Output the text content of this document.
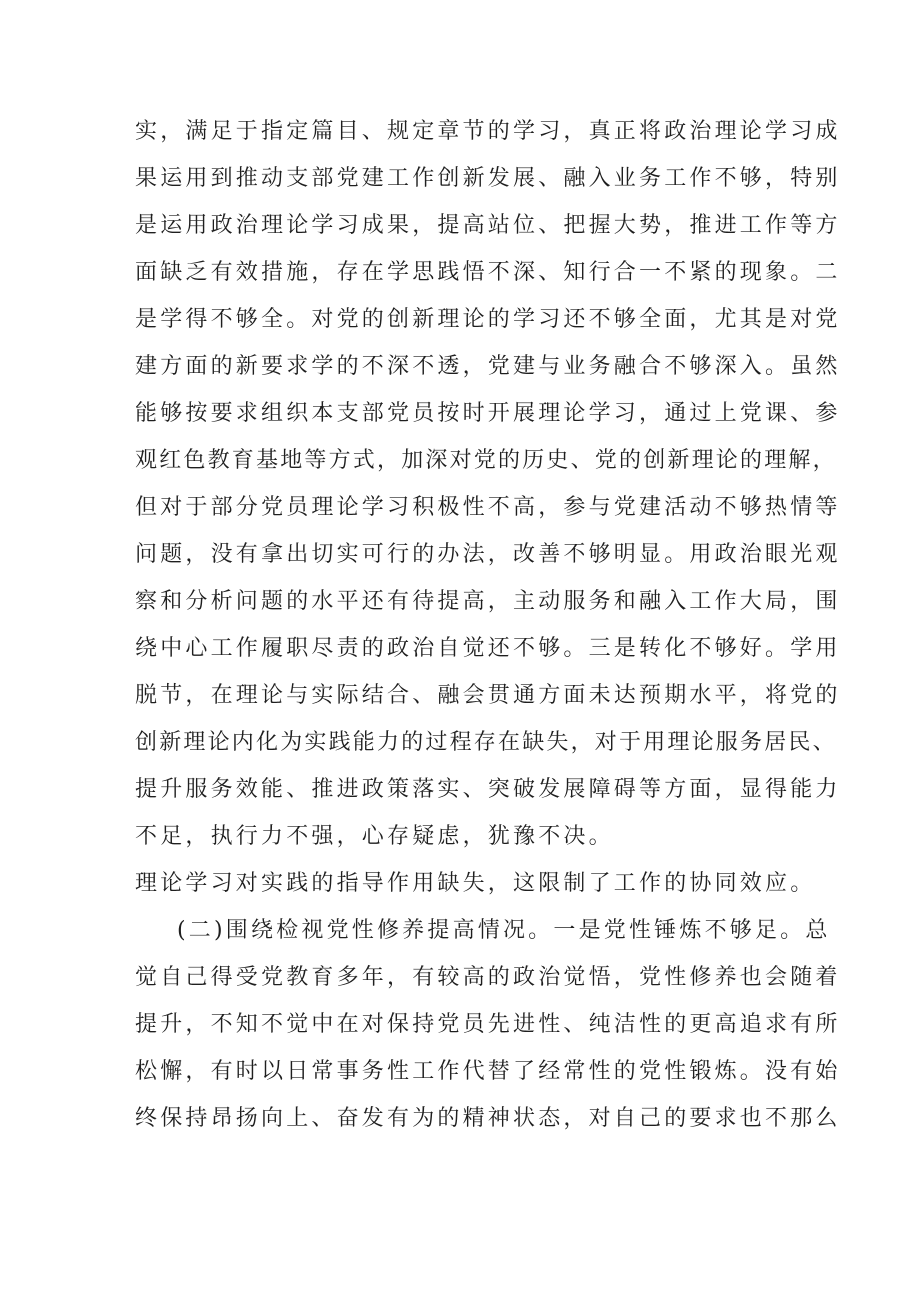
实，满足于指定篇目、规定章节的学习，真正将政治理论学习成
果运用到推动支部党建工作创新发展、融入业务工作不够，特别
是运用政治理论学习成果，提高站位、把握大势，推进工作等方
面缺乏有效措施，存在学思践悟不深、知行合一不紧的现象。二
是学得不够全。对党的创新理论的学习还不够全面，尤其是对党
建方面的新要求学的不深不透，党建与业务融合不够深入。虽然
能够按要求组织本支部党员按时开展理论学习，通过上党课、参
观红色教育基地等方式，加深对党的历史、党的创新理论的理解，
但对于部分党员理论学习积极性不高，参与党建活动不够热情等
问题，没有拿出切实可行的办法，改善不够明显。用政治眼光观
察和分析问题的水平还有待提高，主动服务和融入工作大局，围
绕中心工作履职尽责的政治自觉还不够。三是转化不够好。学用
脱节，在理论与实际结合、融会贯通方面未达预期水平，将党的
创新理论内化为实践能力的过程存在缺失，对于用理论服务居民、
提升服务效能、推进政策落实、突破发展障碍等方面，显得能力
不足，执行力不强，心存疑虑，犹豫不决。
理论学习对实践的指导作用缺失，这限制了工作的协同效应。
(二)围绕检视党性修养提高情况。一是党性锤炼不够足。总
觉自己得受党教育多年，有较高的政治觉悟，党性修养也会随着
提升，不知不觉中在对保持党员先进性、纯洁性的更高追求有所
松懈，有时以日常事务性工作代替了经常性的党性锻炼。没有始
终保持昂扬向上、奋发有为的精神状态，对自己的要求也不那么
